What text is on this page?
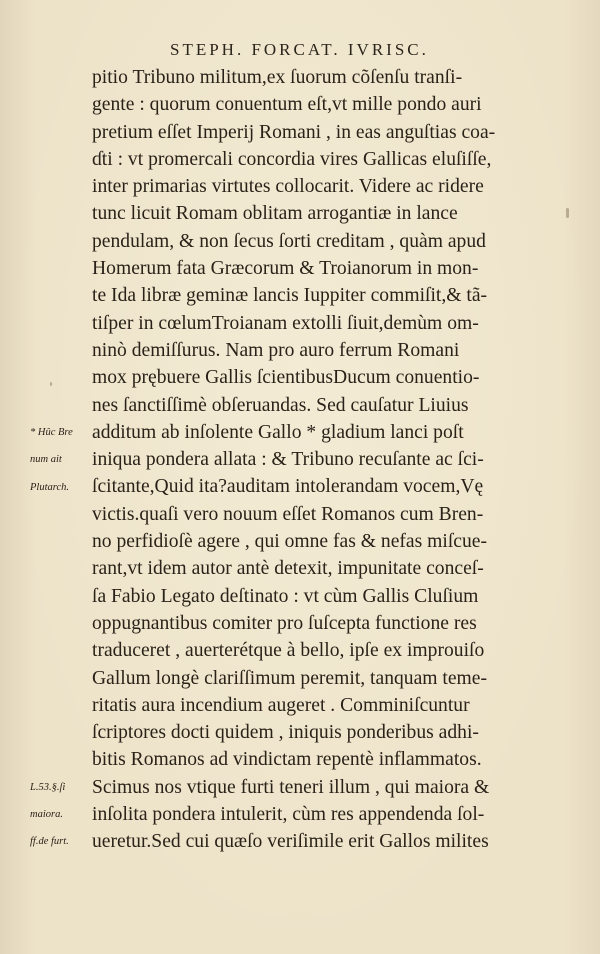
STEPH. FORCAT. IVRISC.
* Hûc Bre
num ait
Plutarch.
L.53.§.ſi
maiora.
ff.de furt.
pitio Tribuno militum,ex ſuorum cõſenſu tranſi-
gente : quorum conuentum eſt,vt mille pondo auri
pretium eſſet Imperij Romani , in eas anguſtias coa-
ɗti : vt promercali concordia vires Gallicas eluſiſſe,
inter primarias virtutes collocarit. Videre ac ridere
tunc licuit Romam oblitam arrogantiæ in lance
pendulam, & non ſecus ſorti creditam , quàm apud
Homerum fata Græcorum & Troianorum in mon-
te Ida libræ geminæ lancis Iuppiter commiſit,& tã-
tiſper in cœlumTroianam extolli ſiuit,demùm om-
ninò demiſſurus. Nam pro auro ferrum Romani
mox prębuere Gallis ſcientibusDucum conuentio-
nes ſanctiſſimè obſeruandas. Sed cauſatur Liuius
additum ab inſolente Gallo * gladium lanci poſt
iniqua pondera allata : & Tribuno recuſante ac ſci-
ſcitante,Quid ita?auditam intolerandam vocem,Vę
victis.quaſi vero nouum eſſet Romanos cum Bren-
no perfidioſè agere , qui omne fas & nefas miſcue-
rant,vt idem autor antè detexit, impunitate conceſ-
ſa Fabio Legato deſtinato : vt cùm Gallis Cluſium
oppugnantibus comiter pro ſuſcepta functione res
traduceret , auerterétque à bello, ipſe ex improuiſo
Gallum longè clariſſimum peremit, tanquam teme-
ritatis aura incendium augeret . Comminiſcuntur
ſcriptores docti quidem , iniquis ponderibus adhi-
bitis Romanos ad vindictam repentè inflammatos.
Scimus nos vtique furti teneri illum , qui maiora &
inſolita pondera intulerit, cùm res appendenda ſol-
ueretur.Sed cui quæſo veriſimile erit Gallos milites
